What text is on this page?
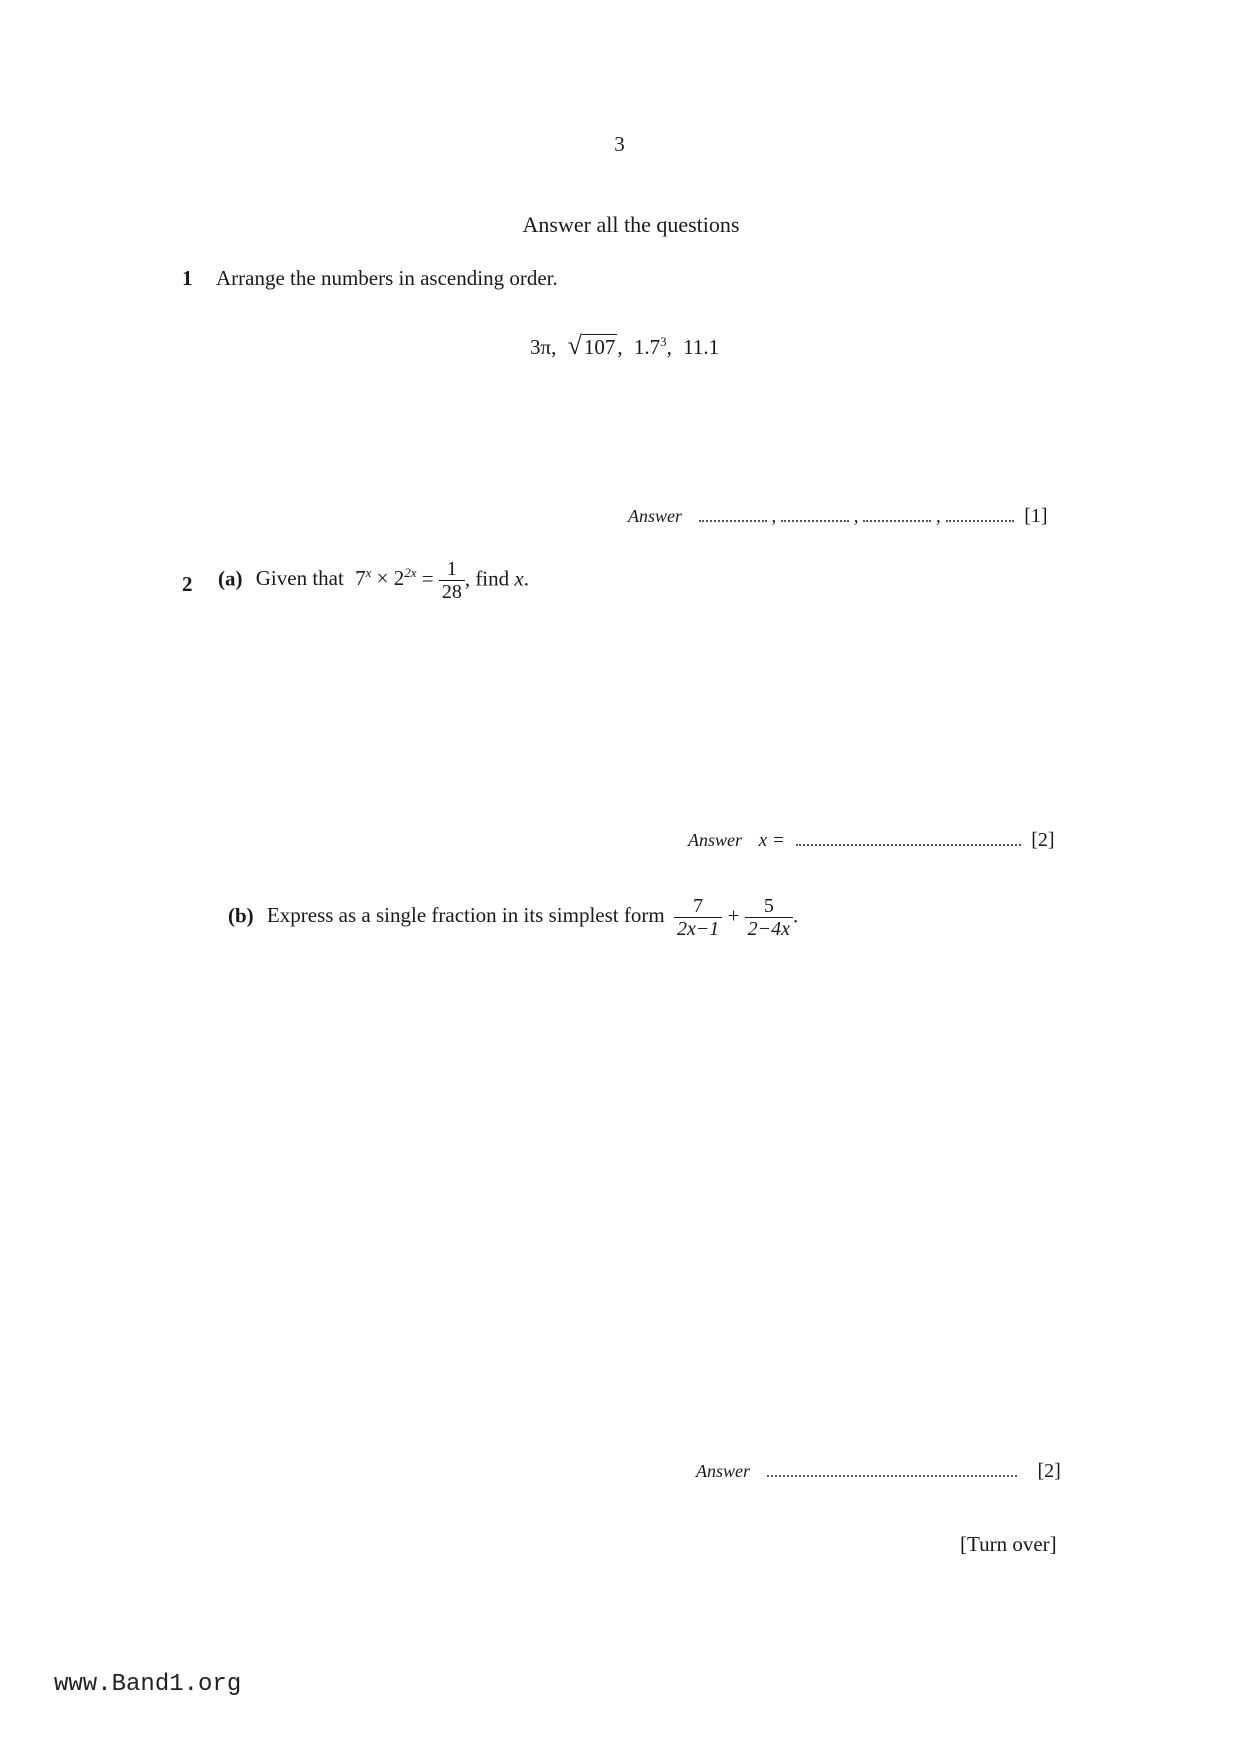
3
Answer all the questions
1 Arrange the numbers in ascending order.
3π, √107, $1.7^3$, 11.1
Answer	,	,	,	[1]
2 (a) Given that $7^x \times 2^{2x} = \frac{1}{28}$ , find x.
Answer x =	[2]
(b) Express as a single fraction in its simplest form $\frac{7}{2x-1} + \frac{5}{2-4x}$ .
Answer	[2]
[Turn over]
www.Band1.org
